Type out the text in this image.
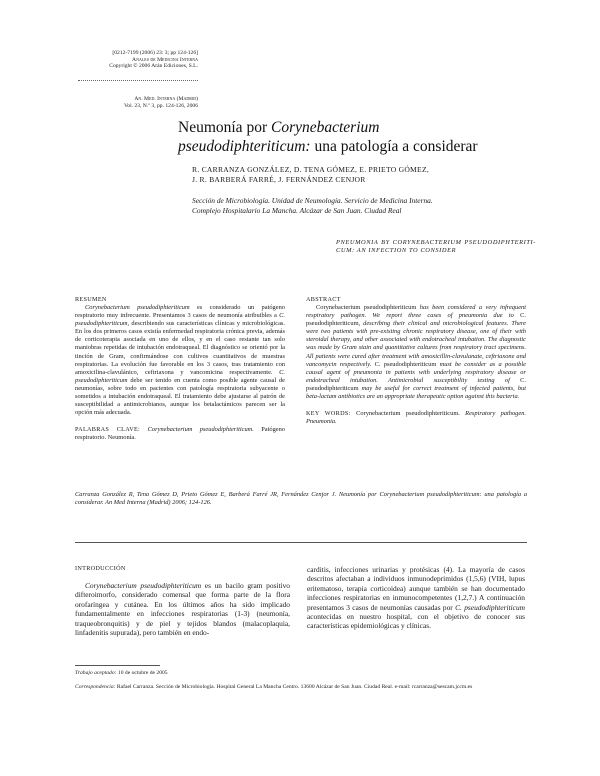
[0212-7199 (2006) 23: 3; pp 124-126]
Anales de Medicina Interna
Copyright © 2006 Arán Ediciones, S.L.
An. Med. Interna (Madrid)
Vol. 23, N.º 3, pp. 124-126, 2006
Neumonía por Corynebacterium
pseudodiphteriticum: una patología a considerar
R. CARRANZA GONZÁLEZ, D. TENA GÓMEZ, E. PRIETO GÓMEZ,
J. R. BARBERÁ FARRÉ, J. FERNÁNDEZ CENJOR
Sección de Microbiología. Unidad de Neumología. Servicio de Medicina Interna.
Complejo Hospitalario La Mancha. Alcázar de San Juan. Ciudad Real
PNEUMONIA BY CORYNEBACTERIUM PSEUDODIPHTERITI-
CUM: AN INFECTION TO CONSIDER
RESUMEN

Corynebacterium pseudodiphteriticum es considerado un patógeno respiratorio muy infrecuente. Presentamos 3 casos de neumonía atribuibles a C. pseudodiphteriticum, describiendo sus características clínicas y microbiológicas. En los dos primeros casos existía enfermedad respiratoria crónica previa, además de corticoterapia asociada en uno de ellos, y en el caso restante tan solo maniobras repetidas de intubación endotraqueal. El diagnóstico se orientó por la tinción de Gram, confirmándose con cultivos cuantitativos de muestras respiratorias. La evolución fue favorable en los 3 casos, tras tratamiento con amoxicilina-clavulánico, ceftriaxona y vancomicina respectivamente. C. pseudodiphteriticum debe ser tenido en cuenta como posible agente causal de neumonías, sobre todo en pacientes con patología respiratoria subyacente o sometidos a intubación endotraqueal. El tratamiento debe ajustarse al patrón de susceptibilidad a antimicrobianos, aunque los betalactámicos parecen ser la opción más adecuada.

PALABRAS CLAVE: Corynebacterium pseudodiphteriticum. Patógeno respiratorio. Neumonía.

ABSTRACT

Corynebacterium pseudodiphteriticum has been considered a very infrequent respiratory pathogen. We report three cases of pneumonia due to C. pseudodiphteriticum, describing their clinical and microbiological features. There were two patients with pre-existing chronic respiratory disease, one of their with steroidal therapy, and other associated with endotracheal intubation. The diagnostic was made by Gram stain and quantitative cultures from respiratory tract specimens. All patients were cured after treatment with amoxicillin-clavulanate, ceftriaxone and vancomycin respectively. C. pseudodiphteriticum must be consider as a possible causal agent of pneumonia in patients with underlying respiratory disease or endotracheal intubation. Antimicrobial susceptibility testing of C. pseudodiphteriticum may be useful for correct treatment of infected patients, but beta-lactam antibiotics are an appropriate therapeutic option against this bacteria.

KEY WORDS: Corynebacterium pseudodiphteriticum. Respiratory pathogen. Pneumonia.

Carranza González R, Tena Gómez D, Prieto Gómez E, Barberá Farré JR, Fernández Cenjor J. Neumonía por Corynebacterium pseudodiphteriticum: una patología a considerar. An Med Interna (Madrid) 2006; 124-126.
INTRODUCCIÓN

Corynebacterium pseudodiphteriticum es un bacilo gram positivo difteroimorfo, considerado comensal que forma parte de la flora orofaríngea y cutánea. En los últimos años ha sido implicado fundamentalmente en infecciones respiratorias (1-3) (neumonía, traqueobronquitis) y de piel y tejidos blandos (malacoplaquia, linfadenitis supurada), pero también en endo-

carditis, infecciones urinarias y protésicas (4). La mayoría de casos descritos afectaban a individuos inmunodeprimidos (1,5,6) (VIH, lupus eritematoso, terapia corticoidea) aunque también se han documentado infecciones respiratorias en inmunocompetentes (1,2,7.) A continuación presentamos 3 casos de neumonías causadas por C. pseudodiphteriticum acontecidas en nuestro hospital, con el objetivo de conocer sus características epidemiológicas y clínicas.

Trabajo aceptado: 10 de octubre de 2005

Correspondencia: Rafael Carranza. Sección de Microbiología. Hospital General La Mancha Centro. 13600 Alcázar de San Juan. Ciudad Real. e-mail: rcarranza@sescam.jccm.es
